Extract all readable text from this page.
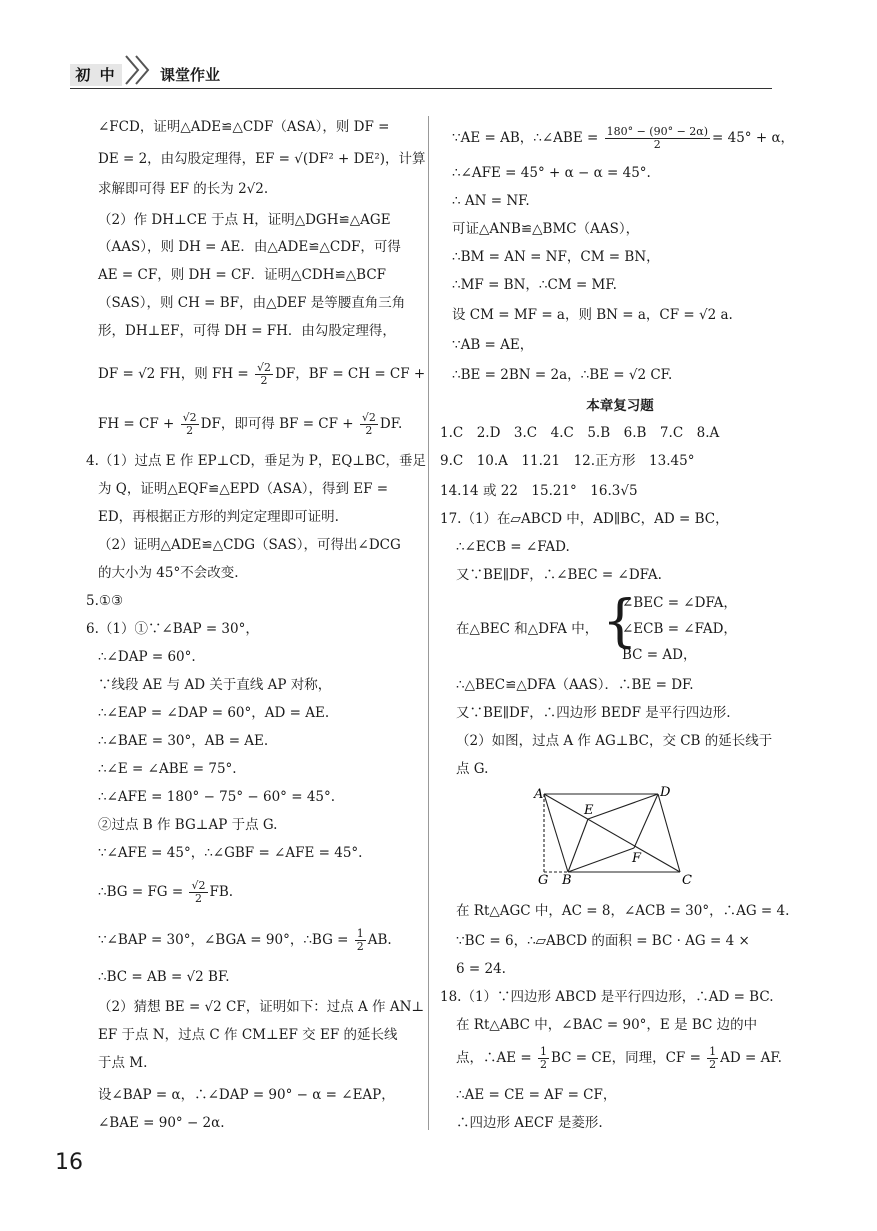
初 中	课堂作业
∠FCD，证明△ADE≌△CDF（ASA），则 DF =
DE = 2，由勾股定理得，EF = √(DF² + DE²)，计算
求解即可得 EF 的长为 2√2.
（2）作 DH⊥CE 于点 H，证明△DGH≌△AGE
（AAS），则 DH = AE．由△ADE≌△CDF，可得
AE = CF，则 DH = CF．证明△CDH≌△BCF
（SAS），则 CH = BF，由△DEF 是等腰直角三角
形，DH⊥EF，可得 DH = FH．由勾股定理得，
DF = √2 FH，则 FH = $\frac{√2}{2}$ DF，BF = CH = CF +
FH = CF + $\frac{√2}{2}$ DF，即可得 BF = CF + $\frac{√2}{2}$ DF.
4.（1）过点 E 作 EP⊥CD，垂足为 P，EQ⊥BC，垂足
为 Q，证明△EQF≌△EPD（ASA），得到 EF =
ED，再根据正方形的判定定理即可证明.
（2）证明△ADE≌△CDG（SAS），可得出∠DCG
的大小为 45°不会改变.
5.①③
6.（1）①∵∠BAP = 30°，
∴∠DAP = 60°.
∵线段 AE 与 AD 关于直线 AP 对称，
∴∠EAP = ∠DAP = 60°，AD = AE.
∴∠BAE = 30°，AB = AE.
∴∠E = ∠ABE = 75°.
∴∠AFE = 180° − 75° − 60° = 45°.
②过点 B 作 BG⊥AP 于点 G.
∵∠AFE = 45°，∴∠GBF = ∠AFE = 45°.
∴BG = FG = $\frac{√2}{2}$ FB.
∵∠BAP = 30°，∠BGA = 90°，∴BG = $\frac{1}{2}$ AB.
∴BC = AB = √2 BF.
（2）猜想 BE = √2 CF，证明如下：过点 A 作 AN⊥
EF 于点 N，过点 C 作 CM⊥EF 交 EF 的延长线
于点 M.
设∠BAP = α，∴∠DAP = 90° − α = ∠EAP，
∠BAE = 90° − 2α.
∵AE = AB，∴∠ABE = $\frac{180^\circ - (90^\circ - 2\alpha)}{2} = 45^\circ + \alpha$，
∴∠AFE = 45° + α − α = 45°.
∴ AN = NF.
可证△ANB≌△BMC（AAS），
∴BM = AN = NF，CM = BN，
∴MF = BN，∴CM = MF.
设 CM = MF = a，则 BN = a，CF = √2 a.
∵AB = AE，
∴BE = 2BN = 2a，∴BE = √2 CF.
本章复习题
1.C　2.D　3.C　4.C　5.B　6.B　7.C　8.A
9.C　10.A　11.21　12.正方形　13.45°
14.14 或 22　15.21°　16.3√5
17.（1）在▱ABCD 中，AD∥BC，AD = BC，
∴∠ECB = ∠FAD.
又∵BE∥DF，∴∠BEC = ∠DFA.
在△BEC 和△DFA 中， {
∠BEC = ∠DFA，
∠ECB = ∠FAD，
BC = AD，
∴△BEC≌△DFA（AAS）．∴BE = DF.
又∵BE∥DF，∴四边形 BEDF 是平行四边形.
（2）如图，过点 A 作 AG⊥BC，交 CB 的延长线于
点 G.
A	D
E
F
G B	C
在 Rt△AGC 中，AC = 8，∠ACB = 30°，∴AG = 4.
∵BC = 6，∴▱ABCD 的面积 = BC · AG = 4 ×
6 = 24.
18.（1）∵四边形 ABCD 是平行四边形，∴AD = BC.
在 Rt△ABC 中，∠BAC = 90°，E 是 BC 边的中
点，∴AE = $\frac{1}{2}$ BC = CE，同理，CF = $\frac{1}{2}$ AD = AF.
∴AE = CE = AF = CF，
∴四边形 AECF 是菱形.
16
